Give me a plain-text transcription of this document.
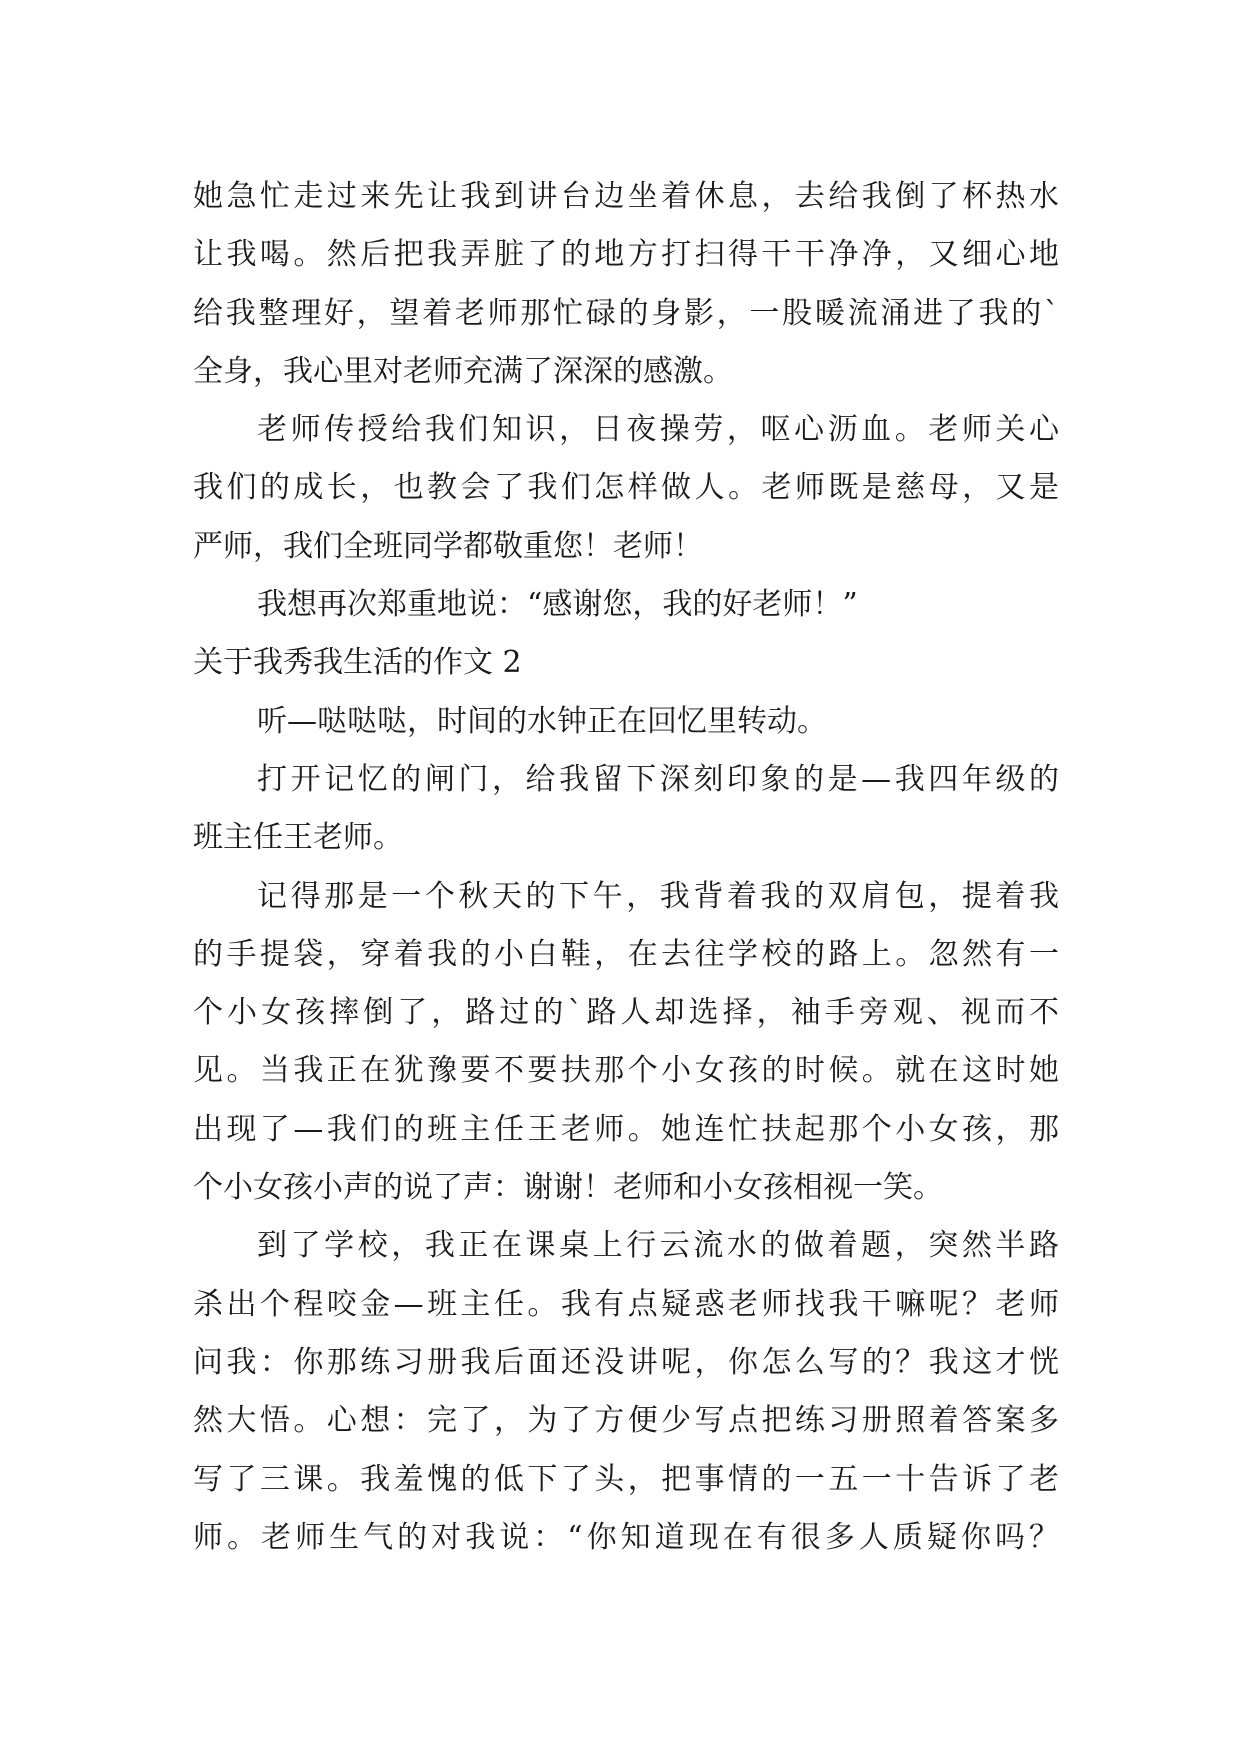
她急忙走过来先让我到讲台边坐着休息，去给我倒了杯热水
让我喝。然后把我弄脏了的地方打扫得干干净净，又细心地
给我整理好，望着老师那忙碌的身影，一股暖流涌进了我的`
全身，我心里对老师充满了深深的感激。
老师传授给我们知识，日夜操劳，呕心沥血。老师关心
我们的成长，也教会了我们怎样做人。老师既是慈母，又是
严师，我们全班同学都敬重您！老师！
我想再次郑重地说：“感谢您，我的好老师！”
关于我秀我生活的作文 2
听—哒哒哒，时间的水钟正在回忆里转动。
打开记忆的闸门，给我留下深刻印象的是—我四年级的
班主任王老师。
记得那是一个秋天的下午，我背着我的双肩包，提着我
的手提袋，穿着我的小白鞋，在去往学校的路上。忽然有一
个小女孩摔倒了，路过的`路人却选择，袖手旁观、视而不
见。当我正在犹豫要不要扶那个小女孩的时候。就在这时她
出现了—我们的班主任王老师。她连忙扶起那个小女孩，那
个小女孩小声的说了声：谢谢！老师和小女孩相视一笑。
到了学校，我正在课桌上行云流水的做着题，突然半路
杀出个程咬金—班主任。我有点疑惑老师找我干嘛呢？老师
问我：你那练习册我后面还没讲呢，你怎么写的？我这才恍
然大悟。心想：完了，为了方便少写点把练习册照着答案多
写了三课。我羞愧的低下了头，把事情的一五一十告诉了老
师。老师生气的对我说：“你知道现在有很多人质疑你吗？
